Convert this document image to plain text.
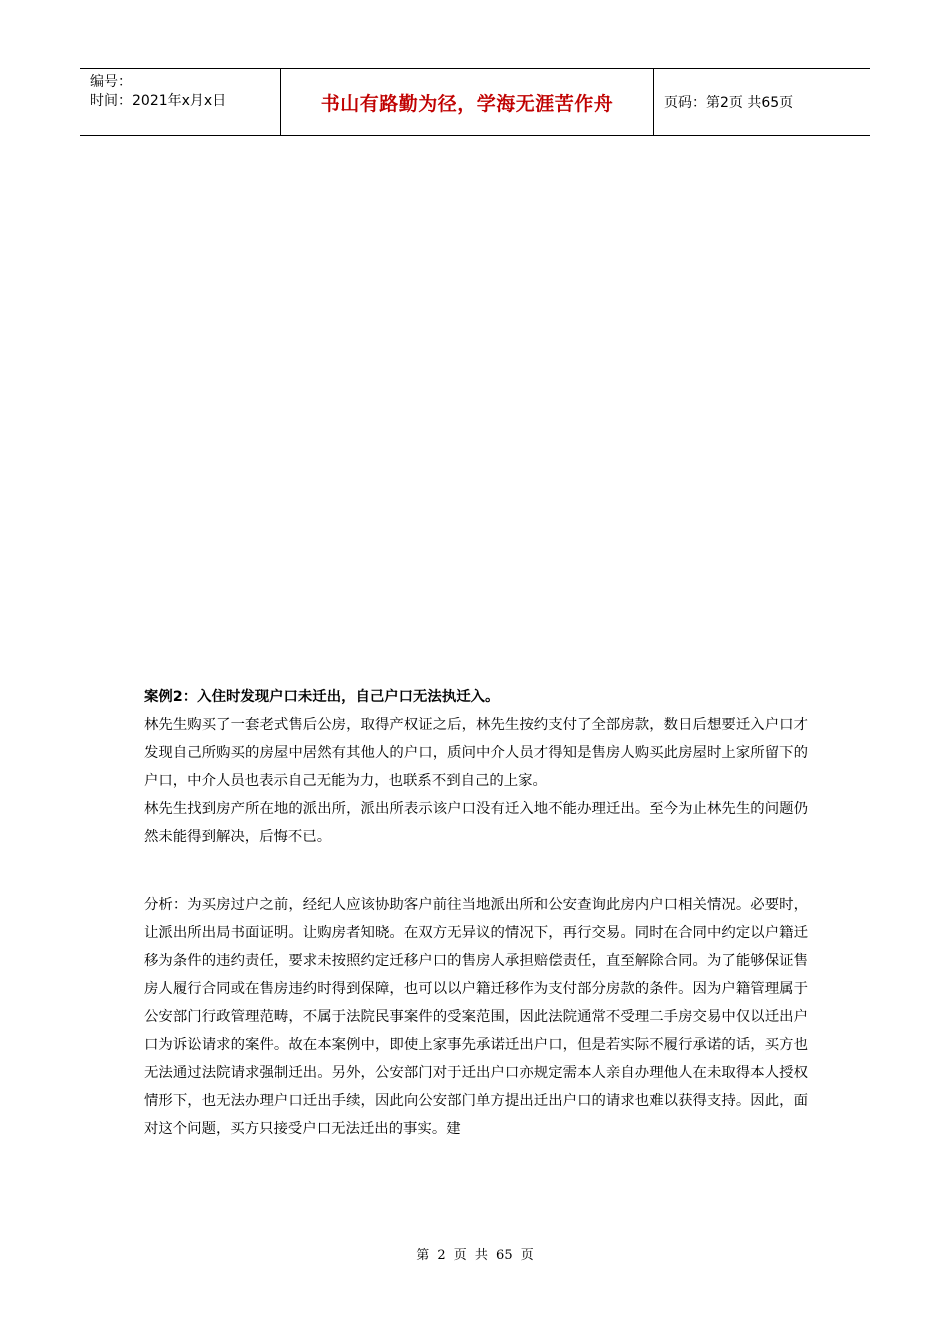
编号：
时间：2021年x月x日	书山有路勤为径，学海无涯苦作舟	页码：第2页 共65页

案例2：入住时发现户口未迁出，自己户口无法执迁入。

林先生购买了一套老式售后公房，取得产权证之后，林先生按约支付了全部房款，数日后想要迁入户口才发现自己所购买的房屋中居然有其他人的户口，质问中介人员才得知是售房人购买此房屋时上家所留下的户口，中介人员也表示自己无能为力，也联系不到自己的上家。

林先生找到房产所在地的派出所，派出所表示该户口没有迁入地不能办理迁出。至今为止林先生的问题仍然未能得到解决，后悔不已。

分析：为买房过户之前，经纪人应该协助客户前往当地派出所和公安查询此房内户口相关情况。必要时，让派出所出局书面证明。让购房者知晓。在双方无异议的情况下，再行交易。同时在合同中约定以户籍迁移为条件的违约责任，要求未按照约定迁移户口的售房人承担赔偿责任，直至解除合同。为了能够保证售房人履行合同或在售房违约时得到保障，也可以以户籍迁移作为支付部分房款的条件。因为户籍管理属于公安部门行政管理范畴，不属于法院民事案件的受案范围，因此法院通常不受理二手房交易中仅以迁出户口为诉讼请求的案件。故在本案例中，即使上家事先承诺迁出户口，但是若实际不履行承诺的话，买方也无法通过法院请求强制迁出。另外，公安部门对于迁出户口亦规定需本人亲自办理他人在未取得本人授权情形下，也无法办理户口迁出手续，因此向公安部门单方提出迁出户口的请求也难以获得支持。因此，面对这个问题，买方只接受户口无法迁出的事实。建

第 2 页 共 65 页
